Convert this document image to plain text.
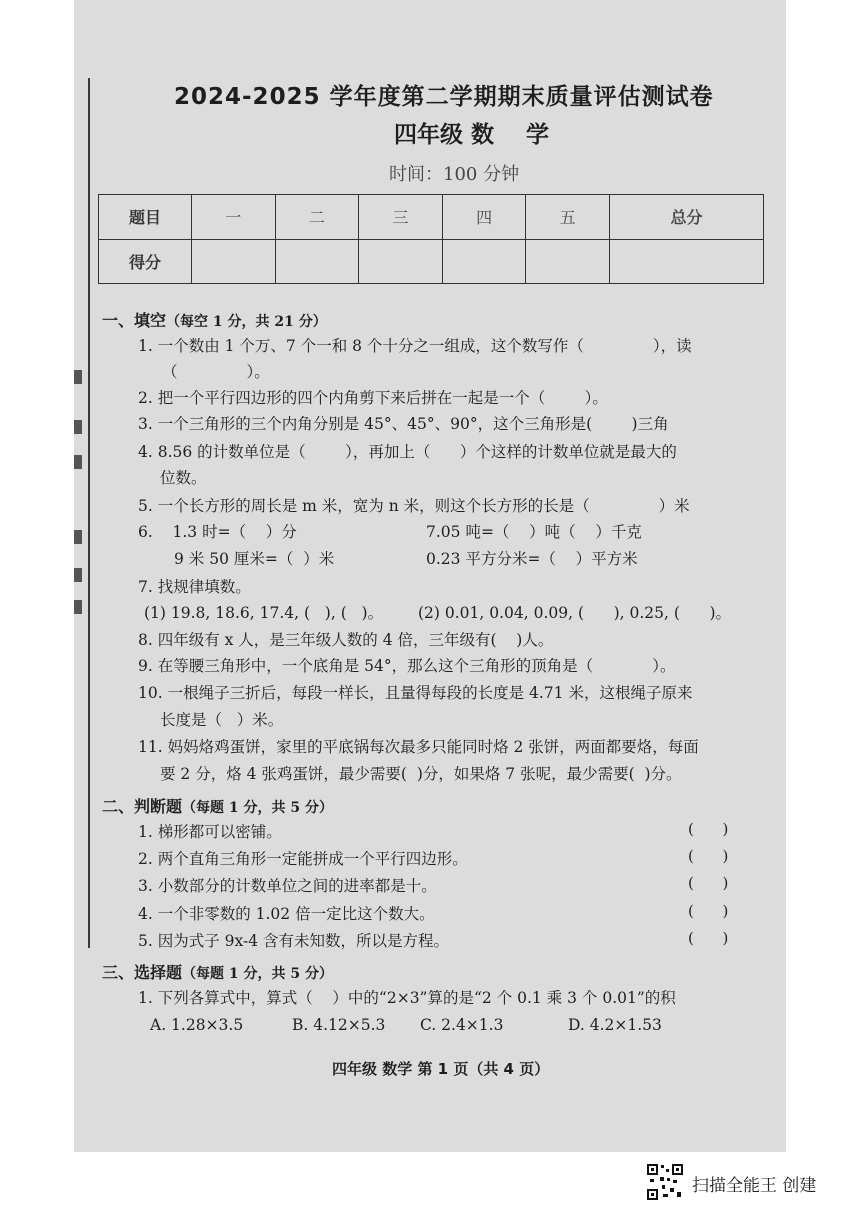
2024-2025 学年度第二学期期末质量评估测试卷
四年级 数    学
时间：100 分钟
题目	一	二	三	四	五	总分
得分						
一、填空（每空 1 分，共 21 分）
1. 一个数由 1 个万、7 个一和 8 个十分之一组成，这个数写作（              ），读
（              ）。
2. 把一个平行四边形的四个内角剪下来后拼在一起是一个（        ）。
3. 一个三角形的三个内角分别是 45°、45°、90°，这个三角形是(        )三角
4. 8.56 的计数单位是（        ），再加上（      ）个这样的计数单位就是最大的
位数。
5. 一个长方形的周长是 m 米，宽为 n 米，则这个长方形的长是（              ）米
6.    1.3 时=（    ）分	7.05 吨=（    ）吨（    ）千克
9 米 50 厘米=（  ）米	0.23 平方分米=（    ）平方米
7. 找规律填数。
(1) 19.8, 18.6, 17.4, (   ), (   )。 (2) 0.01, 0.04, 0.09, (      ), 0.25, (      )。
8. 四年级有 x 人，是三年级人数的 4 倍，三年级有(    )人。
9. 在等腰三角形中，一个底角是 54°，那么这个三角形的顶角是（            ）。
10. 一根绳子三折后，每段一样长，且量得每段的长度是 4.71 米，这根绳子原来
长度是（   ）米。
11. 妈妈烙鸡蛋饼，家里的平底锅每次最多只能同时烙 2 张饼，两面都要烙，每面
要 2 分，烙 4 张鸡蛋饼，最少需要(  )分，如果烙 7 张呢，最少需要(  )分。
二、判断题（每题 1 分，共 5 分）
1. 梯形都可以密铺。	(      )
2. 两个直角三角形一定能拼成一个平行四边形。	(      )
3. 小数部分的计数单位之间的进率都是十。	(      )
4. 一个非零数的 1.02 倍一定比这个数大。	(      )
5. 因为式子 9x-4 含有未知数，所以是方程。	(      )
三、选择题（每题 1 分，共 5 分）
1. 下列各算式中，算式（    ）中的“2×3”算的是“2 个 0.1 乘 3 个 0.01”的积
A. 1.28×3.5	B. 4.12×5.3 C. 2.4×1.3	D. 4.2×1.53
四年级 数学 第 1 页（共 4 页）
扫描全能王 创建
